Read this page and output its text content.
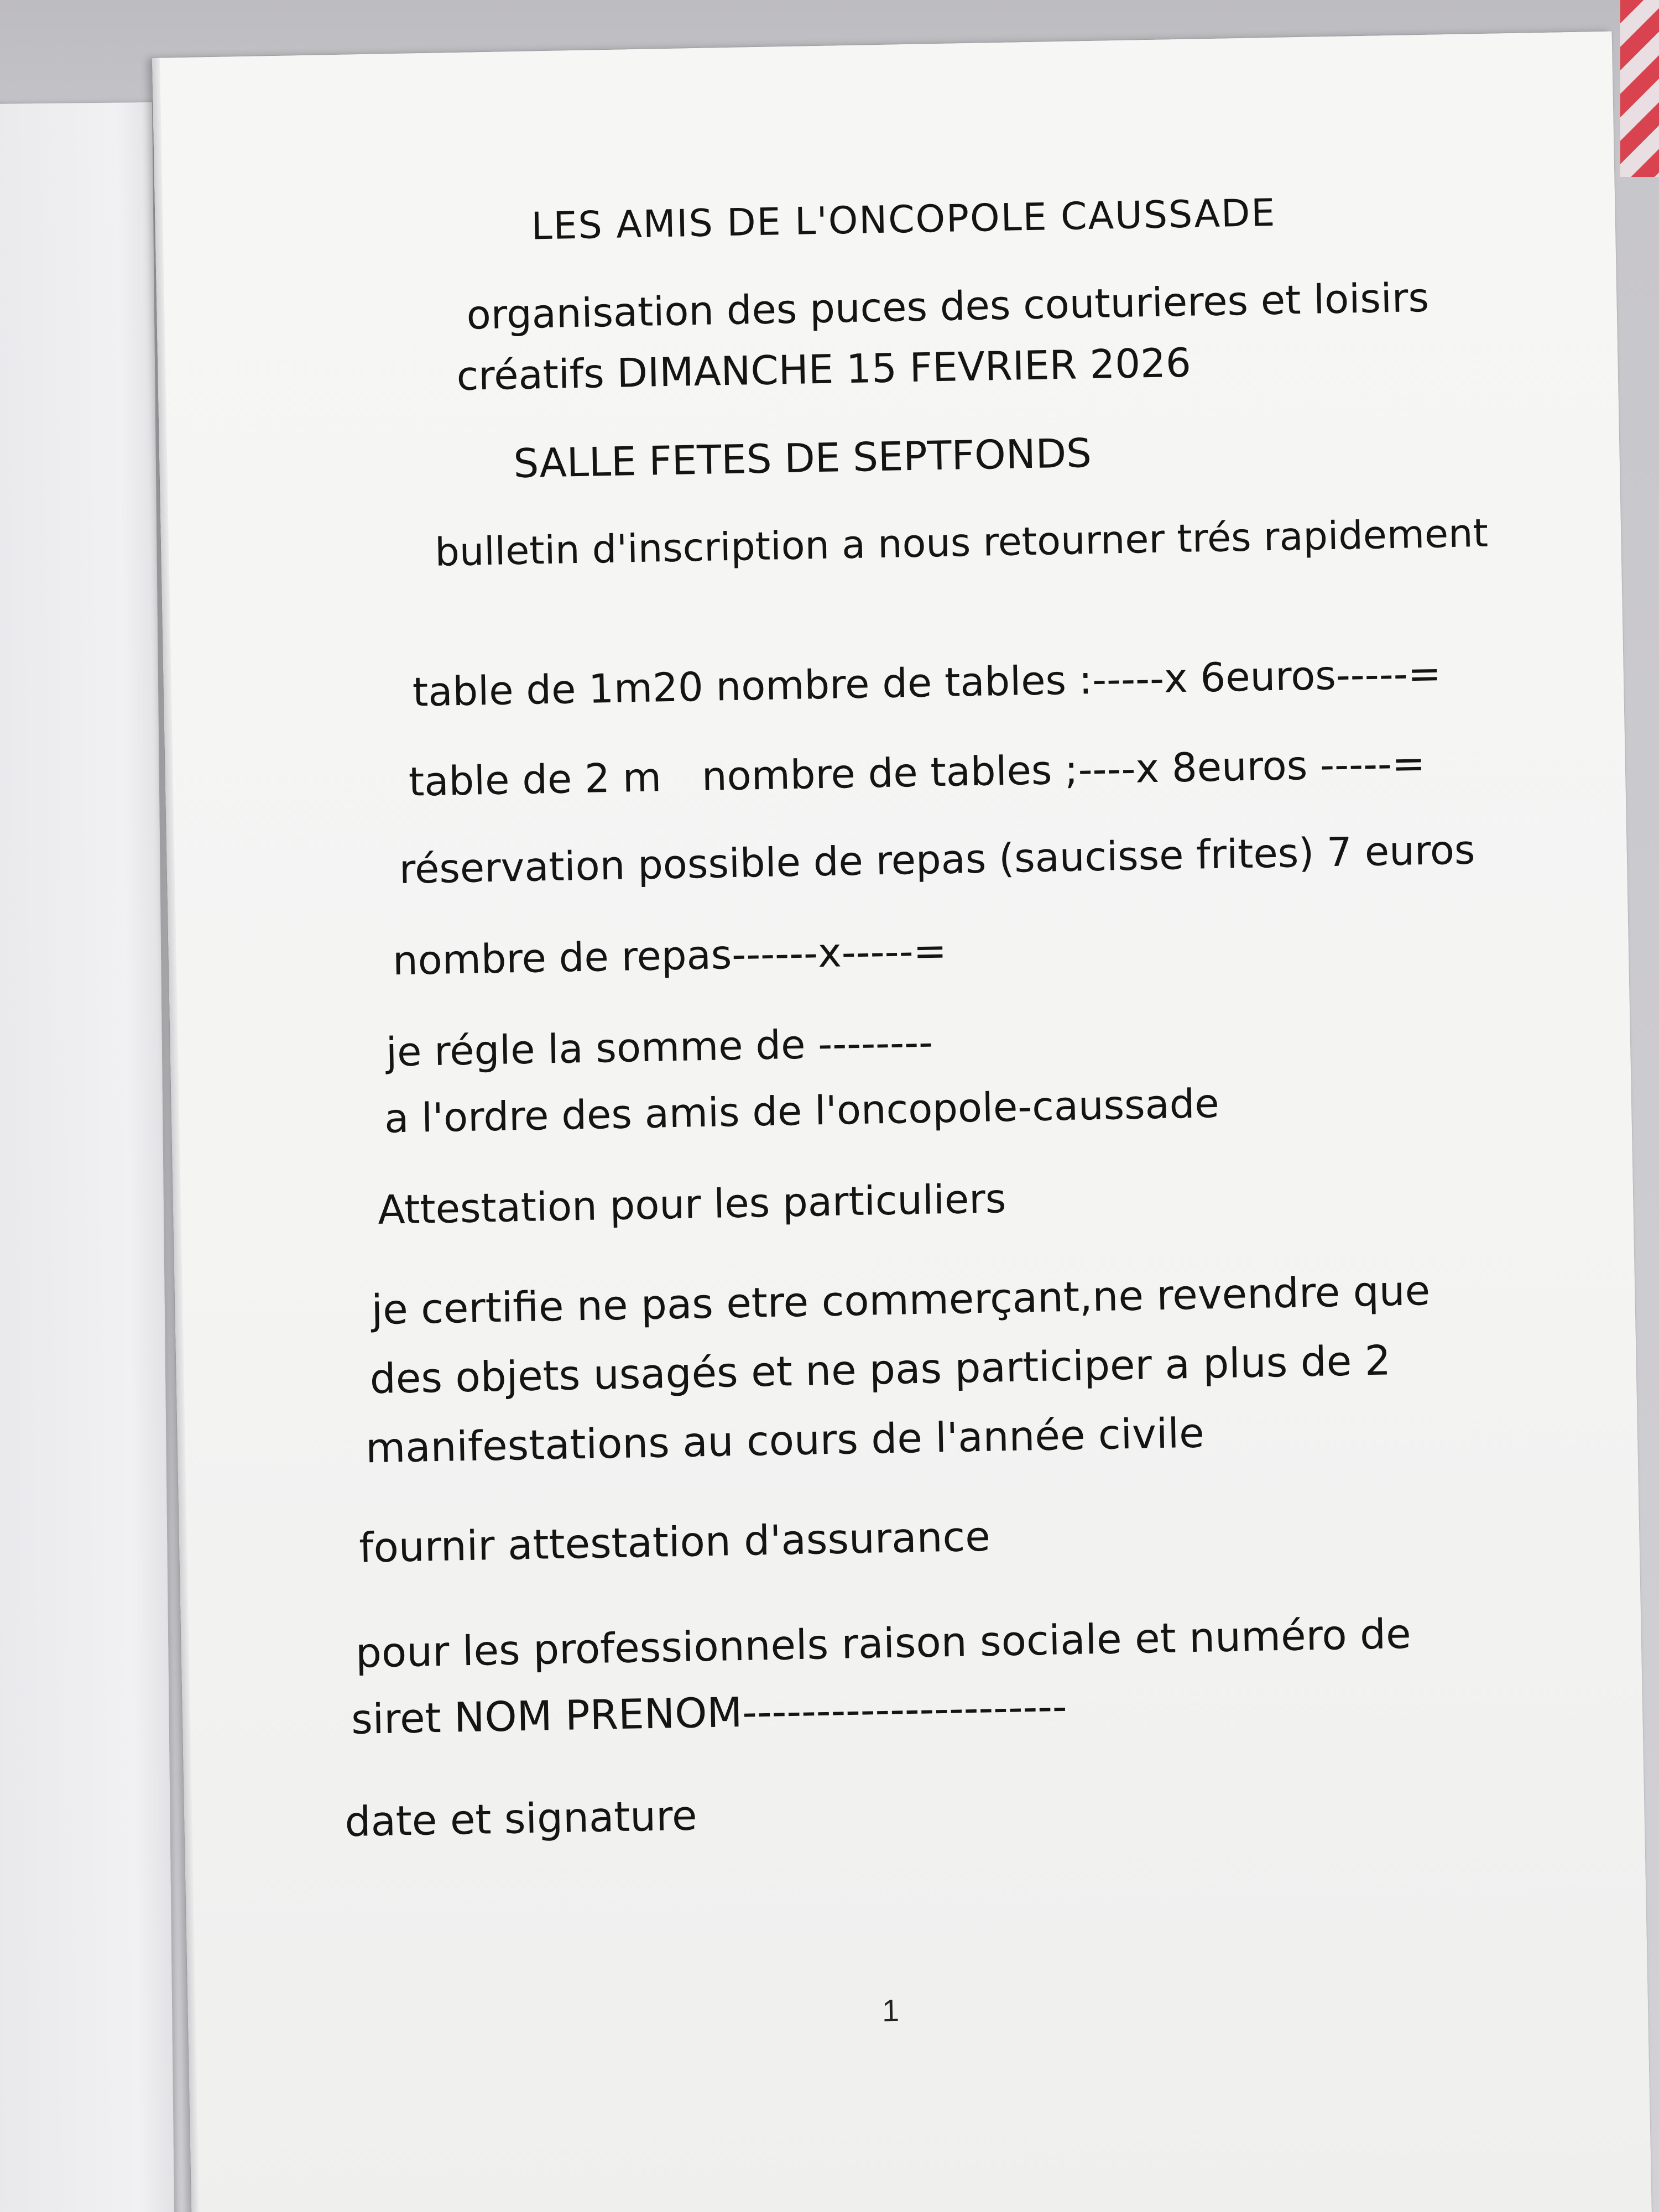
LES AMIS DE L'ONCOPOLE CAUSSADE
organisation des puces des couturieres et loisirs
créatifs DIMANCHE 15 FEVRIER 2026
SALLE FETES DE SEPTFONDS
bulletin d'inscription a nous retourner trés rapidement
table de 1m20 nombre de tables :-----x 6euros-----=
table de 2 m nombre de tables ;----x 8euros -----=
réservation possible de repas (saucisse frites) 7 euros
nombre de repas------x-----=
je régle la somme de --------
a l'ordre des amis de l'oncopole-caussade
Attestation pour les particuliers
je certifie ne pas etre commerçant,ne revendre que
des objets usagés et ne pas participer a plus de 2
manifestations au cours de l'année civile
fournir attestation d'assurance
pour les professionnels raison sociale et numéro de
siret NOM PRENOM----------------------
date et signature
1
